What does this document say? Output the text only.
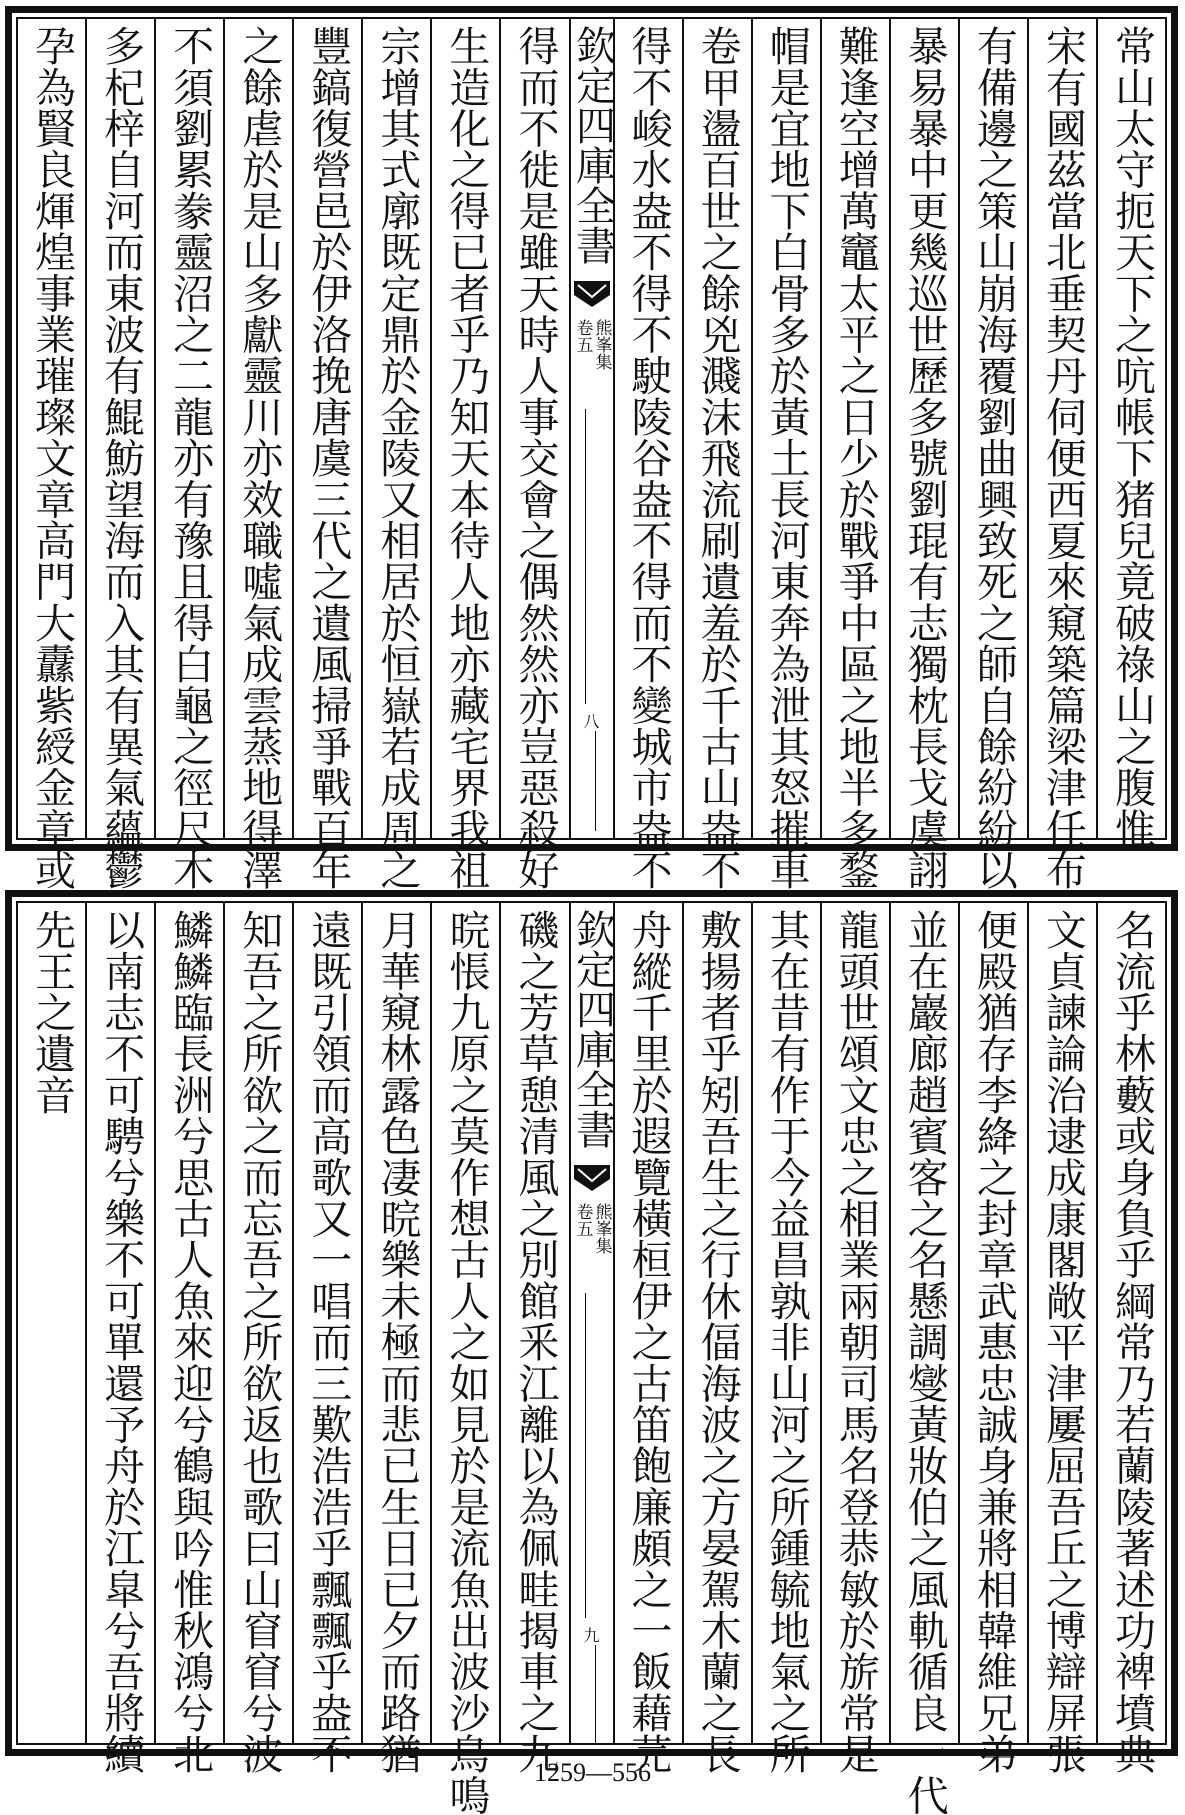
常山太守扼天下之吭帳下猪兒竟破祿山之腹惟
宋有國茲當北垂契丹伺便西夏來窺築篇梁津任布
有備邊之策山崩海覆劉曲興致死之師自餘紛紛以
暴易暴中更幾巡世歷多號劉琨有志獨枕長戈虞詡
難逢空增萬竈太平之日少於戰爭中區之地半多鍪
帽是宜地下白骨多於黃土長河東奔為泄其怒摧車
卷甲盪百世之餘兇濺沫飛流刷遺羞於千古山盎不
得不峻水盎不得不駛陵谷盎不得而不變城市盎不
欽定四庫全書
熊峯集
卷五
八
得而不徙是雖天時人事交會之偶然然亦豈惡殺好
生造化之得已者乎乃知天本待人地亦藏宅界我祖
宗增其式廓既定鼎於金陵又相居於恒嶽若成周之
豐鎬復營邑於伊洛挽唐虞三代之遺風掃爭戰百年
之餘虐於是山多獻靈川亦效職噓氣成雲蒸地得澤
不須劉累豢靈沼之二龍亦有豫且得白龜之徑尺木
多杞梓自河而東波有鯤魴望海而入其有異氣蘊鬱
孕為賢良煇煌事業璀璨文章高門大纛紫綬金章或
名流乎林藪或身負乎綱常乃若蘭陵著述功裨墳典
文貞諫論治逮成康閣敞平津屢屈吾丘之博辯屏張
便殿猶存李絳之封章武惠忠誠身兼將相韓維兄弟
並在巖廊趙賓客之名懸調燮黃妝伯之風軌循良一代
龍頭世頌文忠之相業兩朝司馬名登恭敏於旂常是
其在昔有作于今益昌孰非山河之所鍾毓地氣之所
敷揚者乎矧吾生之行休偪海波之方晏駕木蘭之長
舟縱千里於遐覽橫桓伊之古笛飽廉頗之一飯藉芫
欽定四庫全書
熊峯集
卷五
九
磯之芳草憩清風之別館釆江離以為佩畦揭車之九
晥悵九原之莫作想古人之如見於是流魚出波沙鳥鳴
月華窺林露色凄晥樂未極而悲已生日已夕而路猶
遠既引領而高歌又一唱而三歎浩浩乎飄飄乎盎不
知吾之所欲之而忘吾之所欲返也歌曰山窅窅兮波
鱗鱗臨長洲兮思古人魚來迎兮鶴與吟惟秋鴻兮北
以南志不可騁兮樂不可單還予舟於江皐兮吾將續
先王之遺音
1259—556
